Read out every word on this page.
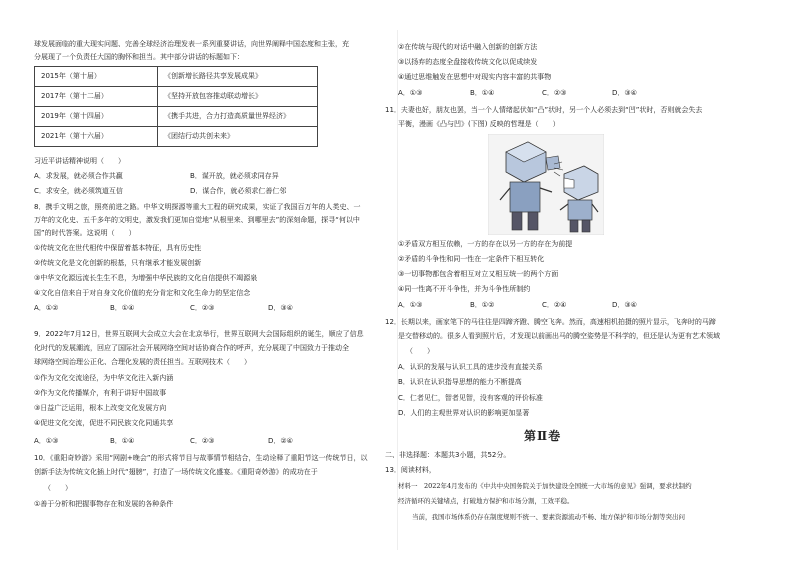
球发展面临的重大现实问题、完善全球经济治理发表一系列重要讲话，向世界阐释中国态度和主张，充
分展现了一个负责任大国的胸怀和担当。其中部分讲话的标题如下：
2015年（第十届）	《创新增长路径共享发展成果》
2017年（第十二届）	《坚持开放包容推动联动增长》
2019年（第十四届）	《携手共进，合力打造高质量世界经济》
2021年（第十六届）	《团结行动共创未来》
习近平讲话精神说明（　　）
A．求发展，就必须合作共赢	B．谋开放，就必须求同存异
C．求安全，就必须筑道互信	D．谋合作，就必须求仁善仁邻
8．携手文明之旅，照亮前进之路。中华文明探源等重大工程的研究成果，实证了我国百万年的人类史、一
万年的文化史、五千多年的文明史，激发我们更加自觉地“从根里来、到哪里去”的深刻命题，探寻“何以中
国”的时代答案。这说明（　　）
①传统文化在世代相传中保留着基本特征，具有历史性
②传统文化是文化创新的根基，只有继承才能发展创新
③中华文化源远流长生生不息，为增强中华民族的文化自信提供不竭源泉
④文化自信来自于对自身文化价值的充分肯定和文化生命力的坚定信念
A．①②	B．①④	C．②③	D．③④
9．2022年7月12日，世界互联网大会成立大会在北京举行，世界互联网大会国际组织的诞生，顺应了信息
化时代的发展潮流，回应了国际社会开展网络空间对话协商合作的呼声，充分展现了中国致力于推动全
球网络空间治理公正化、合理化发展的责任担当。互联网技术（　　）
①作为文化交流途径，为中华文化注入新内涵
②作为文化传播媒介，有利于讲好中国故事
③日益广泛运用，根本上改变文化发展方向
④促进文化交流，促进不同民族文化同通共享
A．①③	B．①④	C．②③	D．②④
10．《重阳奇妙游》采用“网剧+晚会”的形式将节目与故事情节相结合，生动诠释了重阳节这一传统节日，以
创新手法为传统文化插上时代“翅膀”，打造了一场传统文化盛宴。《重阳奇妙游》的成功在于
（　　）
①善于分析和把握事物存在和发展的各种条件
②在传统与现代的对话中融入创新的创新方法
③以扬弃的态度全盘接收传统文化以促成续发
④通过思维触发在思想中对现实内容丰富的共事物
A．①③	B．①④	C．②③	D．③④
11．夫妻也好，朋友也罢，当一个人情绪起伏如“凸”状时，另一个人必须去到“凹”状时，否则就会失去
平衡，漫画《凸与凹》(下图) 反映的哲理是（　　）
①矛盾双方相互依赖，一方的存在以另一方的存在为前提
②矛盾的斗争性和同一性在一定条件下相互转化
③一切事物都包含着相互对立又相互统一的两个方面
④同一性离不开斗争性，并为斗争性所制约
A．①③	B．①②	C．②④	D．③④
12．长期以来，画家笔下的马往往是四蹄齐蹬、腾空飞奔。然而，高速相机拍摄的照片显示，飞奔时的马蹄
是交替移动的。很多人看到照片后，才发现以前画出马的腾空姿势是不科学的，但还是认为更有艺术领域
（　　）
A．认识的发展与认识工具的进步没有直接关系
B．认识在认识指导思想的能力不断提高
C．仁者见仁，智者见智，没有客观的评价标准
D．人们的主观世界对认识的影响更加显著
第Ⅱ卷
二、非选择题：本题共3小题，共52分。
13．阅读材料，
材料一　2022年4月发布的《中共中央国务院关于加快建设全国统一大市场的意见》强调，要求扶制约
经济循环的关键堵点，打破地方保护和市场分割，工效平稳。
当前，我国市场体系仍存在制度规则不统一、要素资源流动不畅、地方保护和市场分割等突出问
